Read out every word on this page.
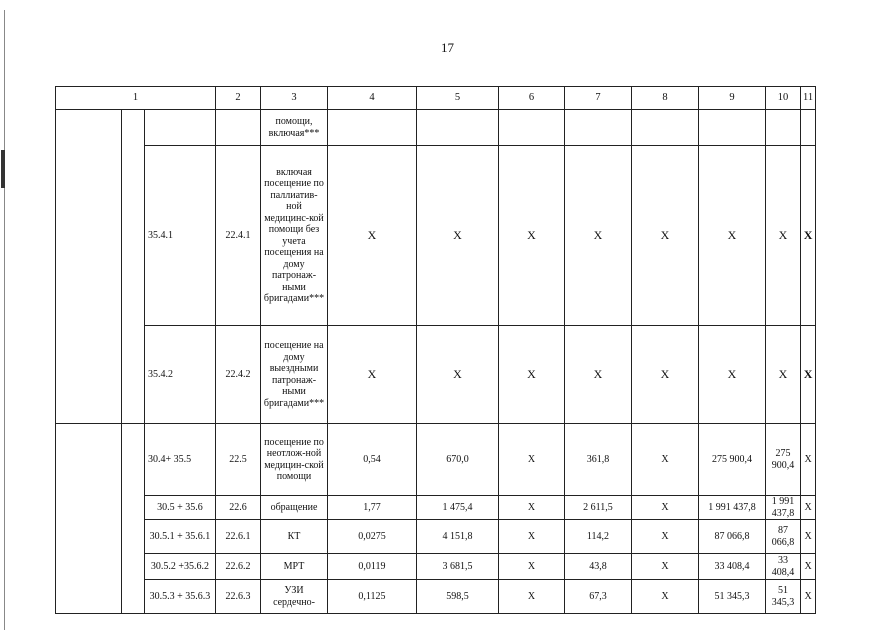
17
1			2	3	4	5	6	7	8	9	10	11
				помощи, включая***								
		35.4.1	22.4.1	включая посещение по паллиатив-ной медицинс-кой помощи без учета посещения на дому патронаж-ными бригадами***	X	X	X	X	X	X	X	X
		35.4.2	22.4.2	посещение на дому выездными патронаж-ными бригадами***	X	X	X	X	X	X	X	X
		30.4+ 35.5	22.5	посещение по неотлож-ной медицин-ской помощи	0,54	670,0	X	361,8	X	275 900,4	275 900,4	X
		30.5 + 35.6	22.6	обращение	1,77	1 475,4	X	2 611,5	X	1 991 437,8	1 991 437,8	X
		30.5.1 + 35.6.1	22.6.1	КТ	0,0275	4 151,8	X	114,2	X	87 066,8	87 066,8	X
		30.5.2 +35.6.2	22.6.2	МРТ	0,0119	3 681,5	X	43,8	X	33 408,4	33 408,4	X
		30.5.3 + 35.6.3	22.6.3	УЗИ сердечно-	0,1125	598,5	X	67,3	X	51 345,3	51 345,3	X
